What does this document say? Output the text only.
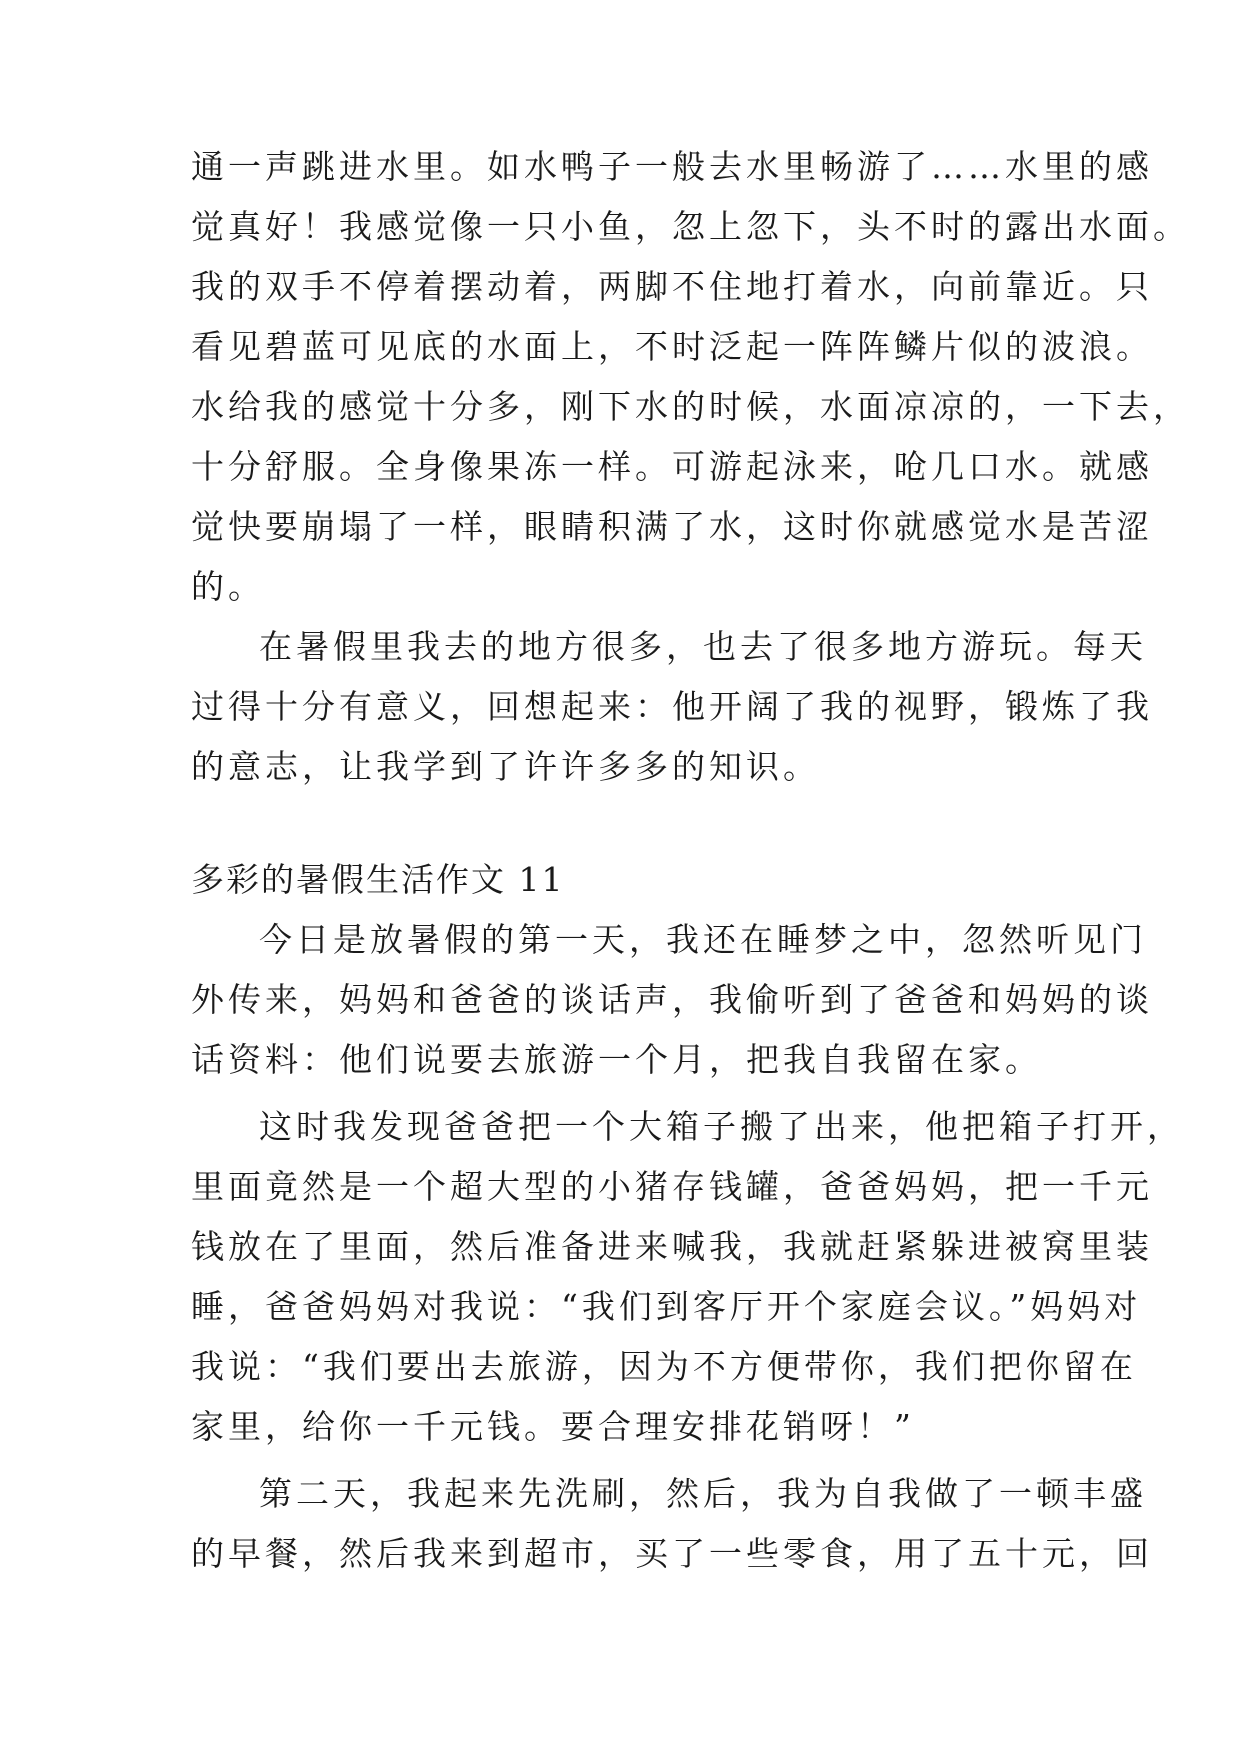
通一声跳进水里。如水鸭子一般去水里畅游了……水里的感

觉真好！我感觉像一只小鱼，忽上忽下，头不时的露出水面。

我的双手不停着摆动着，两脚不住地打着水，向前靠近。只

看见碧蓝可见底的水面上，不时泛起一阵阵鳞片似的波浪。

水给我的感觉十分多，刚下水的时候，水面凉凉的，一下去，

十分舒服。全身像果冻一样。可游起泳来，呛几口水。就感

觉快要崩塌了一样，眼睛积满了水，这时你就感觉水是苦涩

的。

在暑假里我去的地方很多，也去了很多地方游玩。每天

过得十分有意义，回想起来：他开阔了我的视野，锻炼了我

的意志，让我学到了许许多多的知识。

多彩的暑假生活作文 11

今日是放暑假的第一天，我还在睡梦之中，忽然听见门

外传来，妈妈和爸爸的谈话声，我偷听到了爸爸和妈妈的谈

话资料：他们说要去旅游一个月，把我自我留在家。

这时我发现爸爸把一个大箱子搬了出来，他把箱子打开，

里面竟然是一个超大型的小猪存钱罐，爸爸妈妈，把一千元

钱放在了里面，然后准备进来喊我，我就赶紧躲进被窝里装

睡，爸爸妈妈对我说：“我们到客厅开个家庭会议。”妈妈对

我说：“我们要出去旅游，因为不方便带你，我们把你留在

家里，给你一千元钱。要合理安排花销呀！”

第二天，我起来先洗刷，然后，我为自我做了一顿丰盛

的早餐，然后我来到超市，买了一些零食，用了五十元，回
